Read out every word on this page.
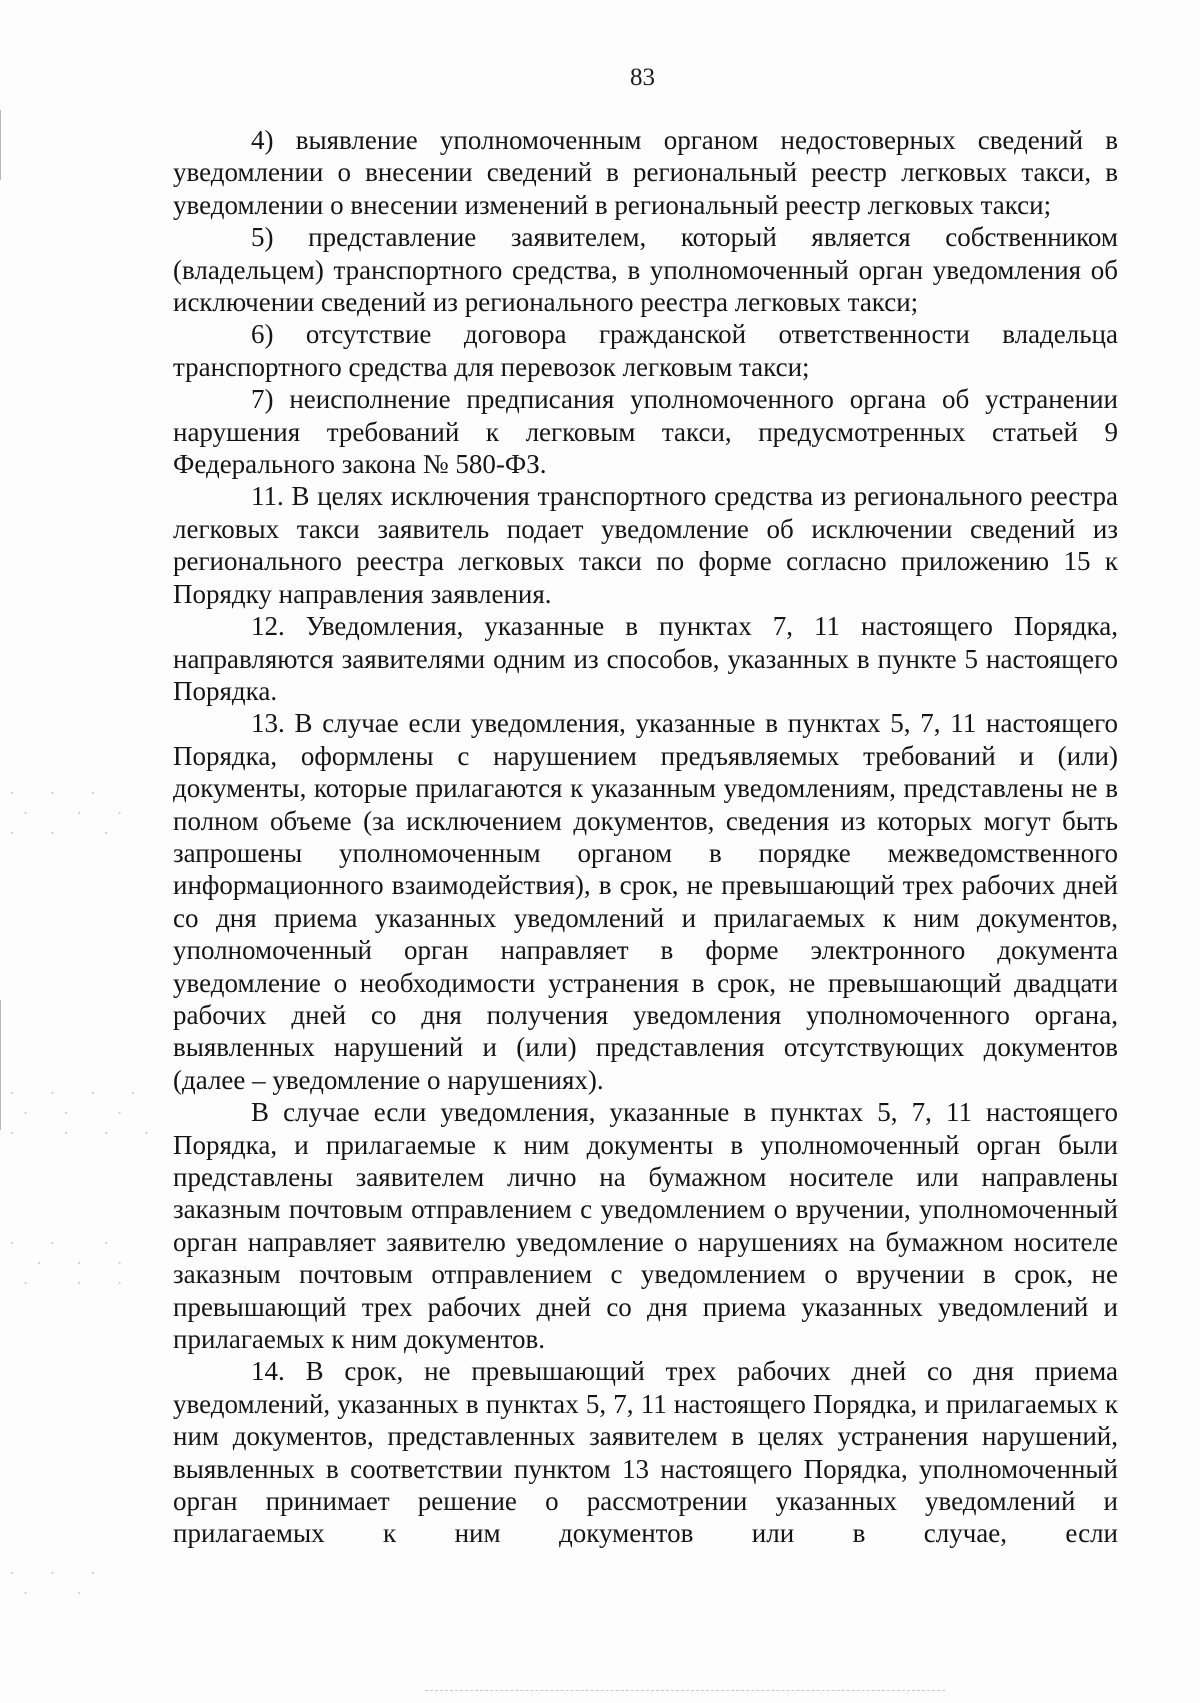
.  .  .
.   .  .
.  .   .
.  .  .  .
.  .   .
.   .  .  .
.  .   .
.  .  .
.   .  .
.  .  .
.   .
83

4) выявление уполномоченным органом недостоверных сведений в уведомлении о внесении сведений в региональный реестр легковых такси, в уведомлении о внесении изменений в региональный реестр легковых такси;

5) представление заявителем, который является собственником (владельцем) транспортного средства, в уполномоченный орган уведомления об исключении сведений из регионального реестра легковых такси;

6) отсутствие договора гражданской ответственности владельца транспортного средства для перевозок легковым такси;

7) неисполнение предписания уполномоченного органа об устранении нарушения требований к легковым такси, предусмотренных статьей 9 Федерального закона № 580-ФЗ.

11. В целях исключения транспортного средства из регионального реестра легковых такси заявитель подает уведомление об исключении сведений из регионального реестра легковых такси по форме согласно приложению 15 к Порядку направления заявления.

12. Уведомления, указанные в пунктах 7, 11 настоящего Порядка, направляются заявителями одним из способов, указанных в пункте 5 настоящего Порядка.

13. В случае если уведомления, указанные в пунктах 5, 7, 11 настоящего Порядка, оформлены с нарушением предъявляемых требований и (или) документы, которые прилагаются к указанным уведомлениям, представлены не в полном объеме (за исключением документов, сведения из которых могут быть запрошены уполномоченным органом в порядке межведомственного информационного взаимодействия), в срок, не превышающий трех рабочих дней со дня приема указанных уведомлений и прилагаемых к ним документов, уполномоченный орган направляет в форме электронного документа уведомление о необходимости устранения в срок, не превышающий двадцати рабочих дней со дня получения уведомления уполномоченного органа, выявленных нарушений и (или) представления отсутствующих документов (далее – уведомление о нарушениях).

В случае если уведомления, указанные в пунктах 5, 7, 11 настоящего Порядка, и прилагаемые к ним документы в уполномоченный орган были представлены заявителем лично на бумажном носителе или направлены заказным почтовым отправлением с уведомлением о вручении, уполномоченный орган направляет заявителю уведомление о нарушениях на бумажном носителе заказным почтовым отправлением с уведомлением о вручении в срок, не превышающий трех рабочих дней со дня приема указанных уведомлений и прилагаемых к ним документов.

14. В срок, не превышающий трех рабочих дней со дня приема уведомлений, указанных в пунктах 5, 7, 11 настоящего Порядка, и прилагаемых к ним документов, представленных заявителем в целях устранения нарушений, выявленных в соответствии пунктом 13 настоящего Порядка, уполномоченный орган принимает решение о рассмотрении указанных уведомлений и прилагаемых к ним документов или в случае, если
